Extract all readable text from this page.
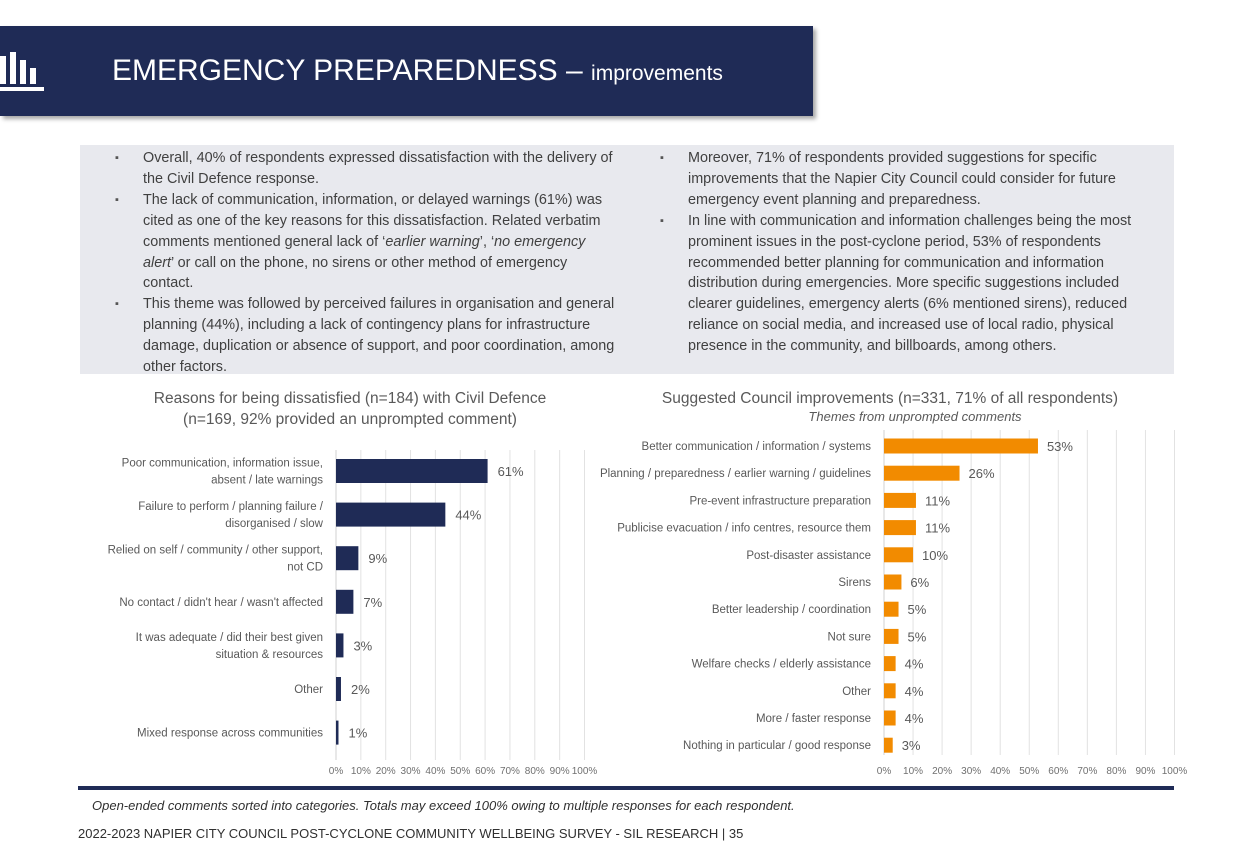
EMERGENCY PREPAREDNESS – improvements
▪ Overall, 40% of respondents expressed dissatisfaction with the delivery of the Civil Defence response.
▪ The lack of communication, information, or delayed warnings (61%) was cited as one of the key reasons for this dissatisfaction. Related verbatim comments mentioned general lack of ‘earlier warning’, ‘no emergency alert’ or call on the phone, no sirens or other method of emergency contact.
▪ This theme was followed by perceived failures in organisation and general planning (44%), including a lack of contingency plans for infrastructure damage, duplication or absence of support, and poor coordination, among other factors.
▪ Moreover, 71% of respondents provided suggestions for specific improvements that the Napier City Council could consider for future emergency event planning and preparedness.
▪ In line with communication and information challenges being the most prominent issues in the post-cyclone period, 53% of respondents recommended better planning for communication and information distribution during emergencies. More specific suggestions included clearer guidelines, emergency alerts (6% mentioned sirens), reduced reliance on social media, and increased use of local radio, physical presence in the community, and billboards, among others.
Reasons for being dissatisfied (n=184) with Civil Defence
(n=169, 92% provided an unprompted comment)
0% 10% 20% 30% 40% 50% 60% 70% 80% 90% 100%
Poor communication, information issue,
absent / late warnings
61%
Failure to perform / planning failure /
disorganised / slow
44%
Relied on self / community / other support,
not CD
9%
No contact / didn't hear / wasn't affected	7%
It was adequate / did their best given
situation & resources
3%
Other 2%
Mixed response across communities 1%
Suggested Council improvements (n=331, 71% of all respondents)
Themes from unprompted comments
0% 10% 20% 30% 40% 50% 60% 70% 80% 90% 100%
Better communication / information / systems	53%
Planning / preparedness / earlier warning / guidelines	26%
Pre-event infrastructure preparation	11%
Publicise evacuation / info centres, resource them	11%
Post-disaster assistance	10%
Sirens	6%
Better leadership / coordination	5%
Not sure	5%
Welfare checks / elderly assistance	4%
Other	4%
More / faster response	4%
Nothing in particular / good response 3%
Open-ended comments sorted into categories. Totals may exceed 100% owing to multiple responses for each respondent.
2022-2023 NAPIER CITY COUNCIL POST-CYCLONE COMMUNITY WELLBEING SURVEY - SIL RESEARCH | 35
